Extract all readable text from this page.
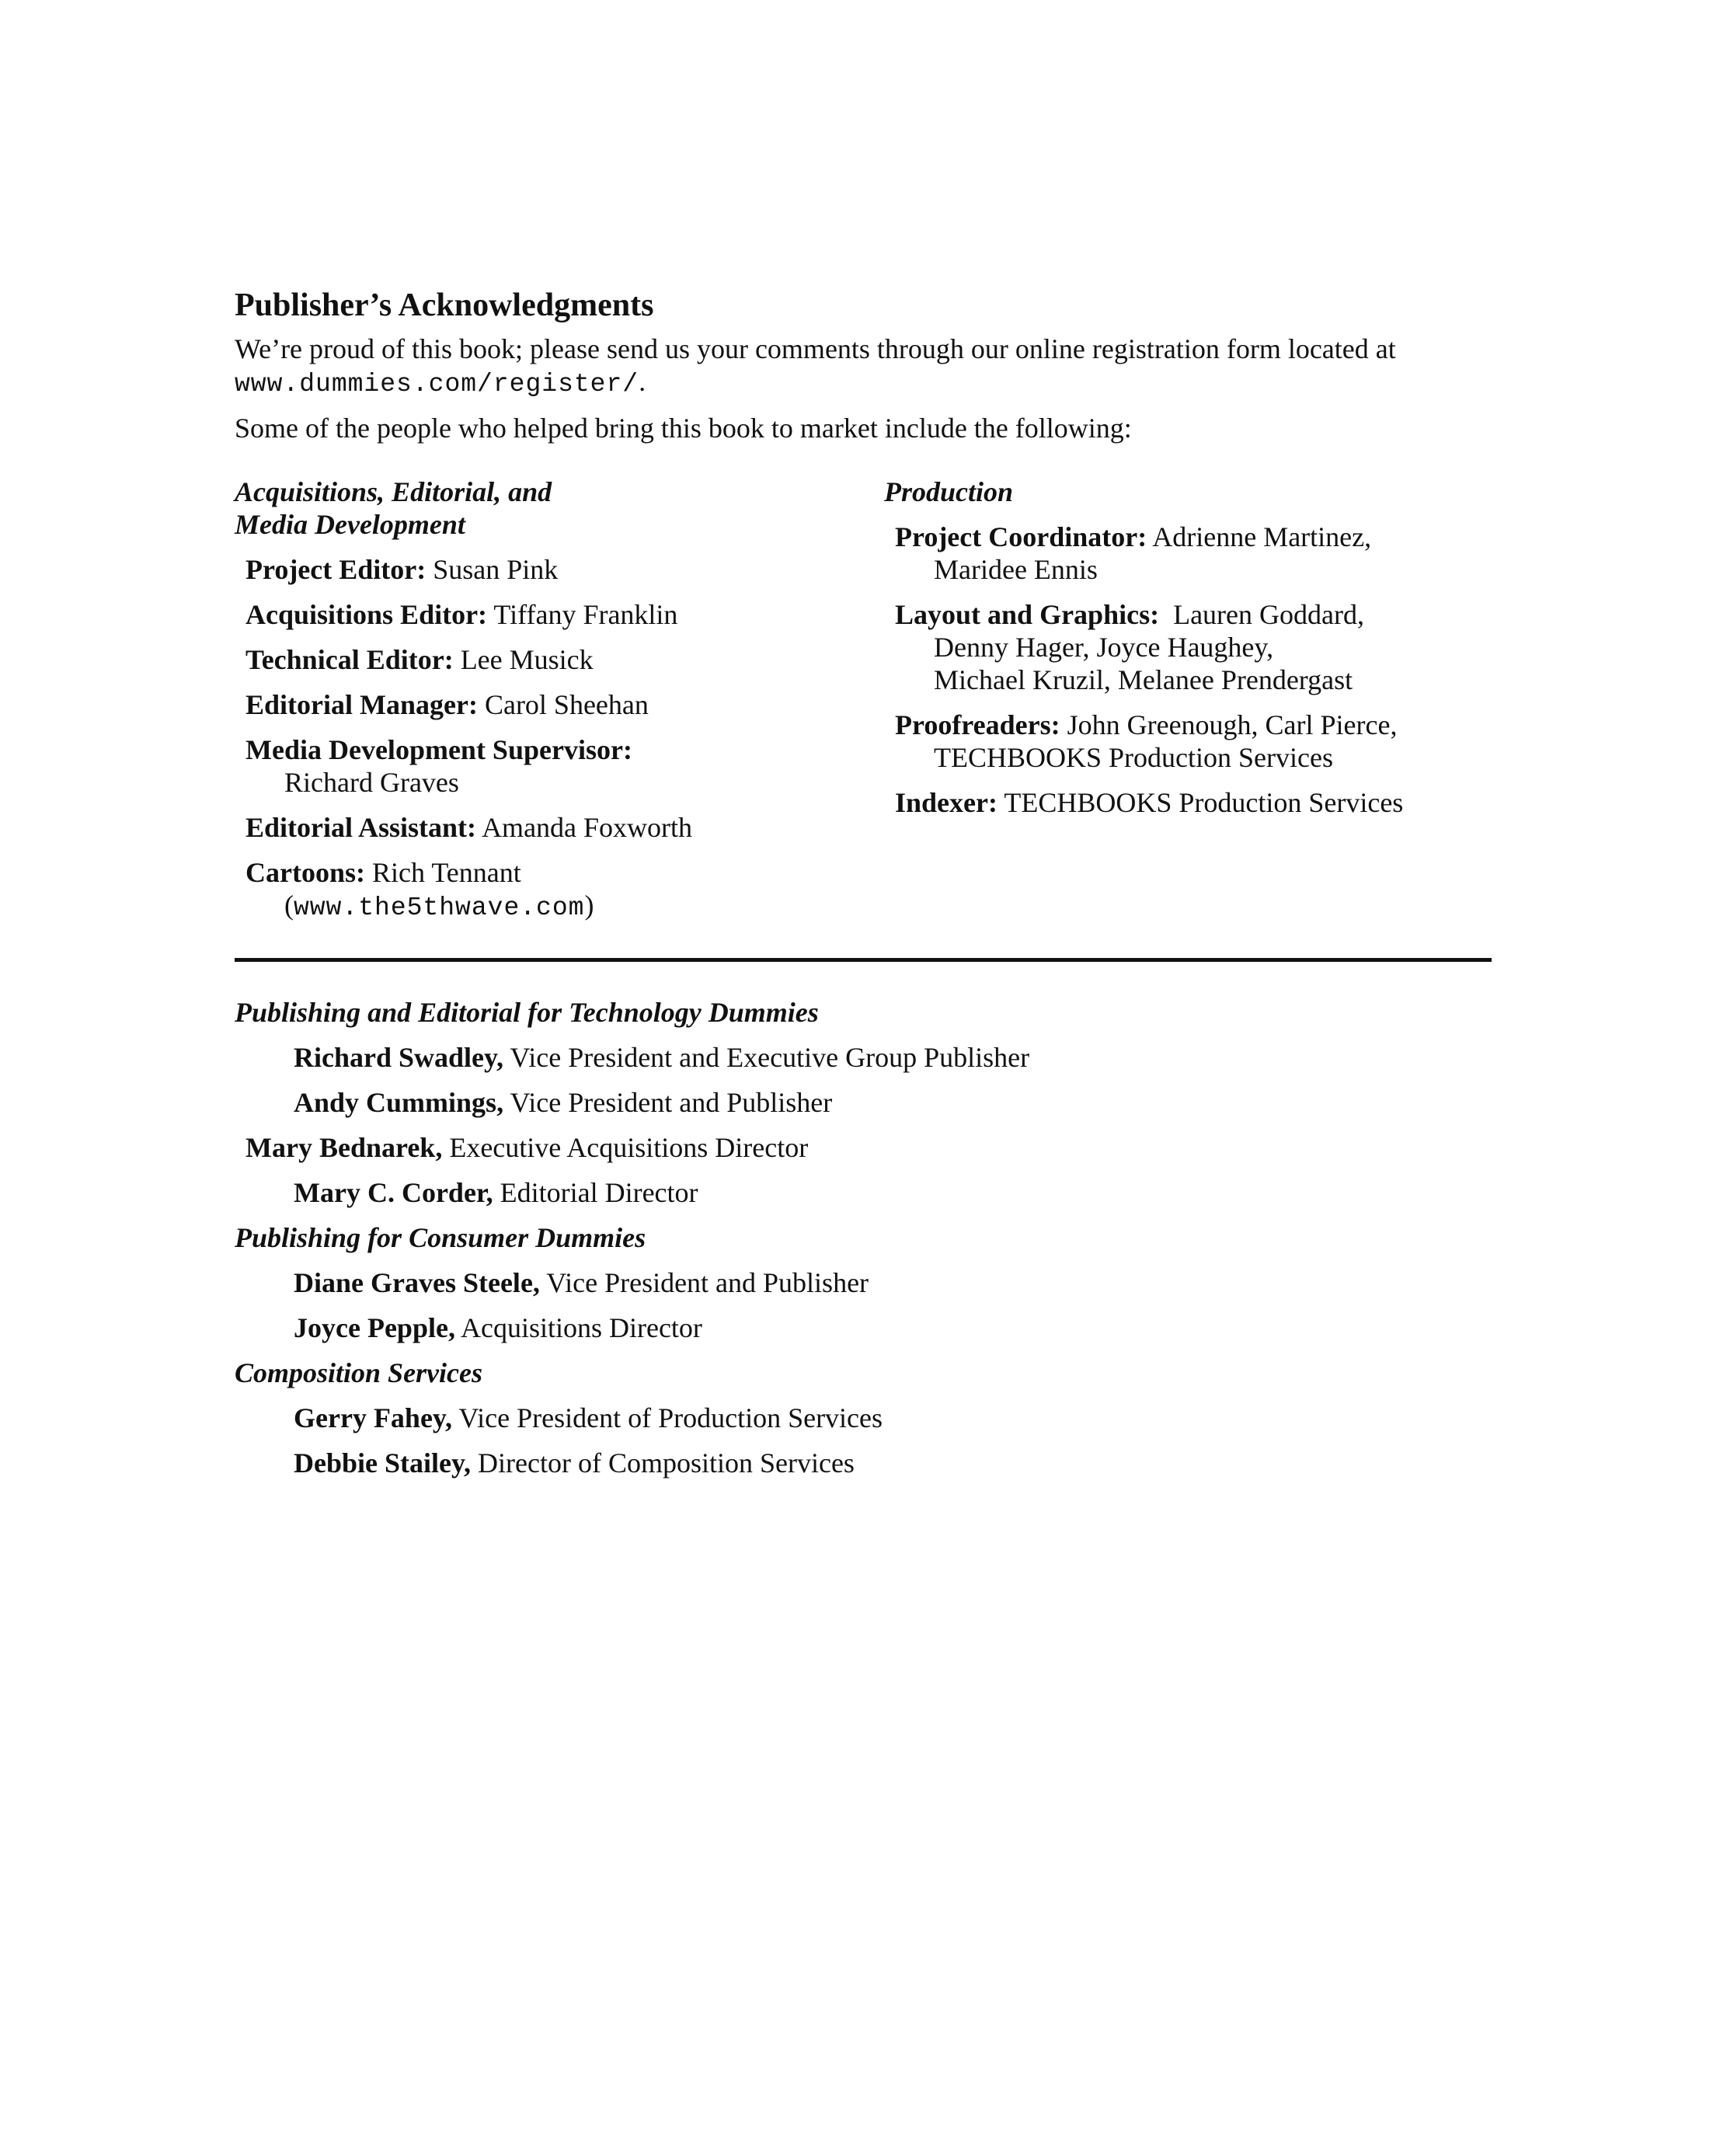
Publisher’s Acknowledgments

We’re proud of this book; please send us your comments through our online registration form located at www.dummies.com/register/.

Some of the people who helped bring this book to market include the following:

Acquisitions, Editorial, and
Media Development

Project Editor: Susan Pink

Acquisitions Editor: Tiffany Franklin

Technical Editor: Lee Musick

Editorial Manager: Carol Sheehan

Media Development Supervisor:
Richard Graves

Editorial Assistant: Amanda Foxworth

Cartoons: Rich Tennant
(www.the5thwave.com)

Production

Project Coordinator: Adrienne Martinez,
Maridee Ennis

Layout and Graphics: Lauren Goddard,
Denny Hager, Joyce Haughey,
Michael Kruzil, Melanee Prendergast

Proofreaders: John Greenough, Carl Pierce,
TECHBOOKS Production Services

Indexer: TECHBOOKS Production Services

Publishing and Editorial for Technology Dummies

Richard Swadley, Vice President and Executive Group Publisher

Andy Cummings, Vice President and Publisher

Mary Bednarek, Executive Acquisitions Director

Mary C. Corder, Editorial Director

Publishing for Consumer Dummies

Diane Graves Steele, Vice President and Publisher

Joyce Pepple, Acquisitions Director

Composition Services

Gerry Fahey, Vice President of Production Services

Debbie Stailey, Director of Composition Services
